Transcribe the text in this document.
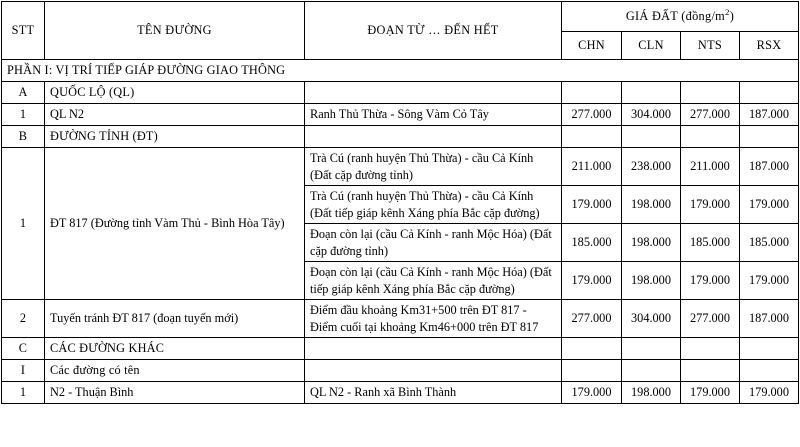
STT	TÊN ĐƯỜNG	ĐOẠN TỪ … ĐẾN HẾT	GIÁ ĐẤT $(đồng/m^2)$			
			CHN	CLN	NTS	RSX
PHẦN I: VỊ TRÍ TIẾP GIÁP ĐƯỜNG GIAO THÔNG						
A	QUỐC LỘ (QL)					
1	QL N2	Ranh Thủ Thừa - Sông Vàm Cỏ Tây	277.000	304.000	277.000	187.000
B	ĐƯỜNG TỈNH (ĐT)					
1	ĐT 817 (Đường tỉnh Vàm Thủ - Bình Hòa Tây)	Trà Cú (ranh huyện Thủ Thừa) - cầu Cả Kính (Đất cặp đường tỉnh)	211.000	238.000	211.000	187.000
		Trà Cú (ranh huyện Thủ Thừa) - cầu Cả Kính (Đất tiếp giáp kênh Xáng phía Bắc cặp đường)	179.000	198.000	179.000	179.000
		Đoạn còn lại (cầu Cả Kính - ranh Mộc Hóa) (Đất cặp đường tỉnh)	185.000	198.000	185.000	185.000
		Đoạn còn lại (cầu Cả Kính - ranh Mộc Hóa) (Đất tiếp giáp kênh Xáng phía Bắc cặp đường)	179.000	198.000	179.000	179.000
2	Tuyến tránh ĐT 817 (đoạn tuyến mới)	Điểm đầu khoảng Km31+500 trên ĐT 817 - Điểm cuối tại khoảng Km46+000 trên ĐT 817	277.000	304.000	277.000	187.000
C	CÁC ĐƯỜNG KHÁC					
I	Các đường có tên					
1	N2 - Thuận Bình	QL N2 - Ranh xã Bình Thành	179.000	198.000	179.000	179.000
